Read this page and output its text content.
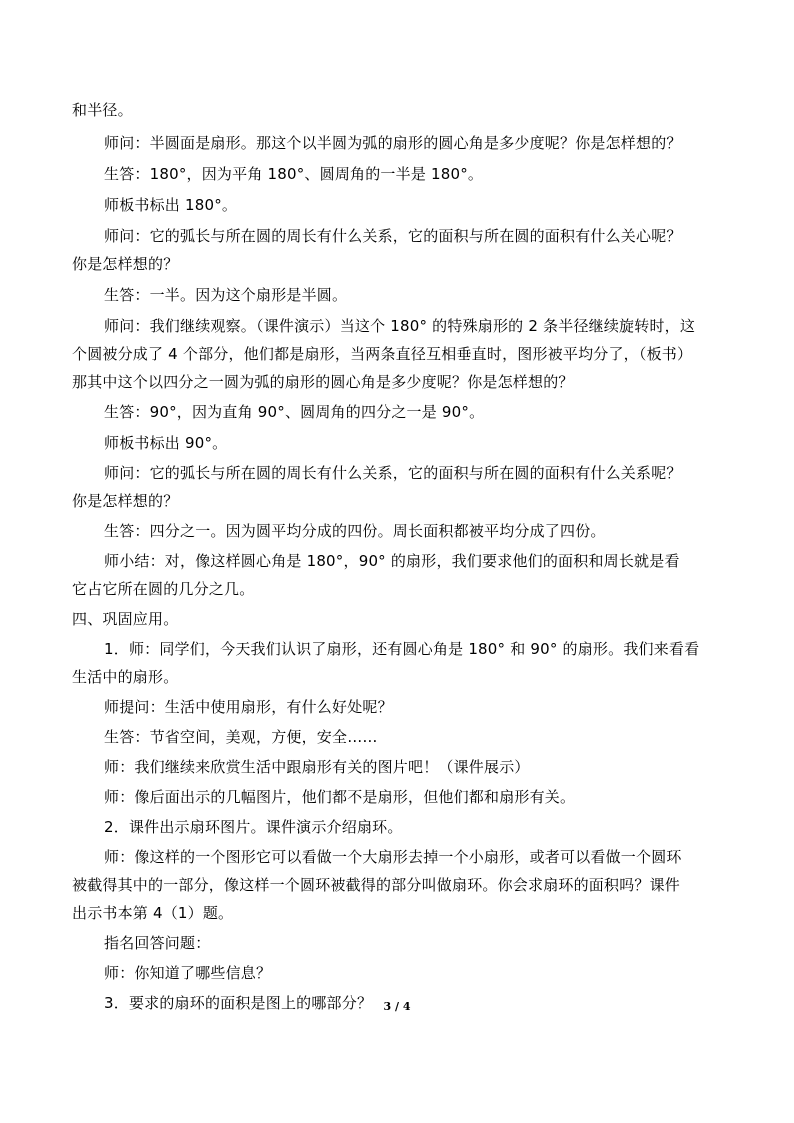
和半径。
师问：半圆面是扇形。那这个以半圆为弧的扇形的圆心角是多少度呢？你是怎样想的？
生答：180°，因为平角 180°、圆周角的一半是 180°。
师板书标出 180°。
师问：它的弧长与所在圆的周长有什么关系，它的面积与所在圆的面积有什么关心呢？
你是怎样想的？
生答：一半。因为这个扇形是半圆。
师问：我们继续观察。（课件演示）当这个 180° 的特殊扇形的 2 条半径继续旋转时，这
个圆被分成了 4 个部分，他们都是扇形，当两条直径互相垂直时，图形被平均分了，（板书）
那其中这个以四分之一圆为弧的扇形的圆心角是多少度呢？你是怎样想的？
生答：90°，因为直角 90°、圆周角的四分之一是 90°。
师板书标出 90°。
师问：它的弧长与所在圆的周长有什么关系，它的面积与所在圆的面积有什么关系呢？
你是怎样想的？
生答：四分之一。因为圆平均分成的四份。周长面积都被平均分成了四份。
师小结：对，像这样圆心角是 180°，90° 的扇形，我们要求他们的面积和周长就是看
它占它所在圆的几分之几。
四、巩固应用。
1．师：同学们，今天我们认识了扇形，还有圆心角是 180° 和 90° 的扇形。我们来看看
生活中的扇形。
师提问：生活中使用扇形，有什么好处呢？
生答：节省空间，美观，方便，安全……
师：我们继续来欣赏生活中跟扇形有关的图片吧！（课件展示）
师：像后面出示的几幅图片，他们都不是扇形，但他们都和扇形有关。
2．课件出示扇环图片。课件演示介绍扇环。
师：像这样的一个图形它可以看做一个大扇形去掉一个小扇形，或者可以看做一个圆环
被截得其中的一部分，像这样一个圆环被截得的部分叫做扇环。你会求扇环的面积吗？课件
出示书本第 4（1）题。
指名回答问题：
师：你知道了哪些信息？
3．要求的扇环的面积是图上的哪部分？	3 / 4
